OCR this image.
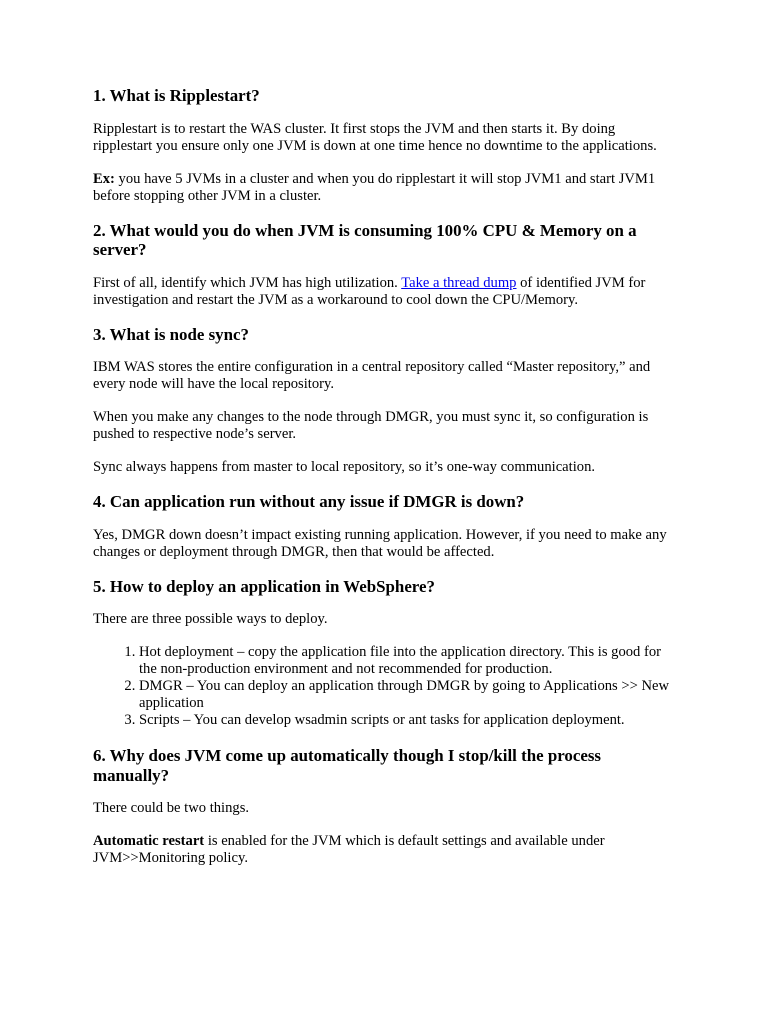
1. What is Ripplestart?

Ripplestart is to restart the WAS cluster. It first stops the JVM and then starts it. By doing ripplestart you ensure only one JVM is down at one time hence no downtime to the applications.

Ex: you have 5 JVMs in a cluster and when you do ripplestart it will stop JVM1 and start JVM1 before stopping other JVM in a cluster.

2. What would you do when JVM is consuming 100% CPU & Memory on a server?

First of all, identify which JVM has high utilization. Take a thread dump of identified JVM for investigation and restart the JVM as a workaround to cool down the CPU/Memory.

3. What is node sync?

IBM WAS stores the entire configuration in a central repository called “Master repository,” and every node will have the local repository.

When you make any changes to the node through DMGR, you must sync it, so configuration is pushed to respective node’s server.

Sync always happens from master to local repository, so it’s one-way communication.

4. Can application run without any issue if DMGR is down?

Yes, DMGR down doesn’t impact existing running application. However, if you need to make any changes or deployment through DMGR, then that would be affected.

5. How to deploy an application in WebSphere?

There are three possible ways to deploy.

1. Hot deployment – copy the application file into the application directory. This is good for the non-production environment and not recommended for production.
2. DMGR – You can deploy an application through DMGR by going to Applications >> New application
3. Scripts – You can develop wsadmin scripts or ant tasks for application deployment.
6. Why does JVM come up automatically though I stop/kill the process manually?

There could be two things.

Automatic restart is enabled for the JVM which is default settings and available under JVM>>Monitoring policy.
